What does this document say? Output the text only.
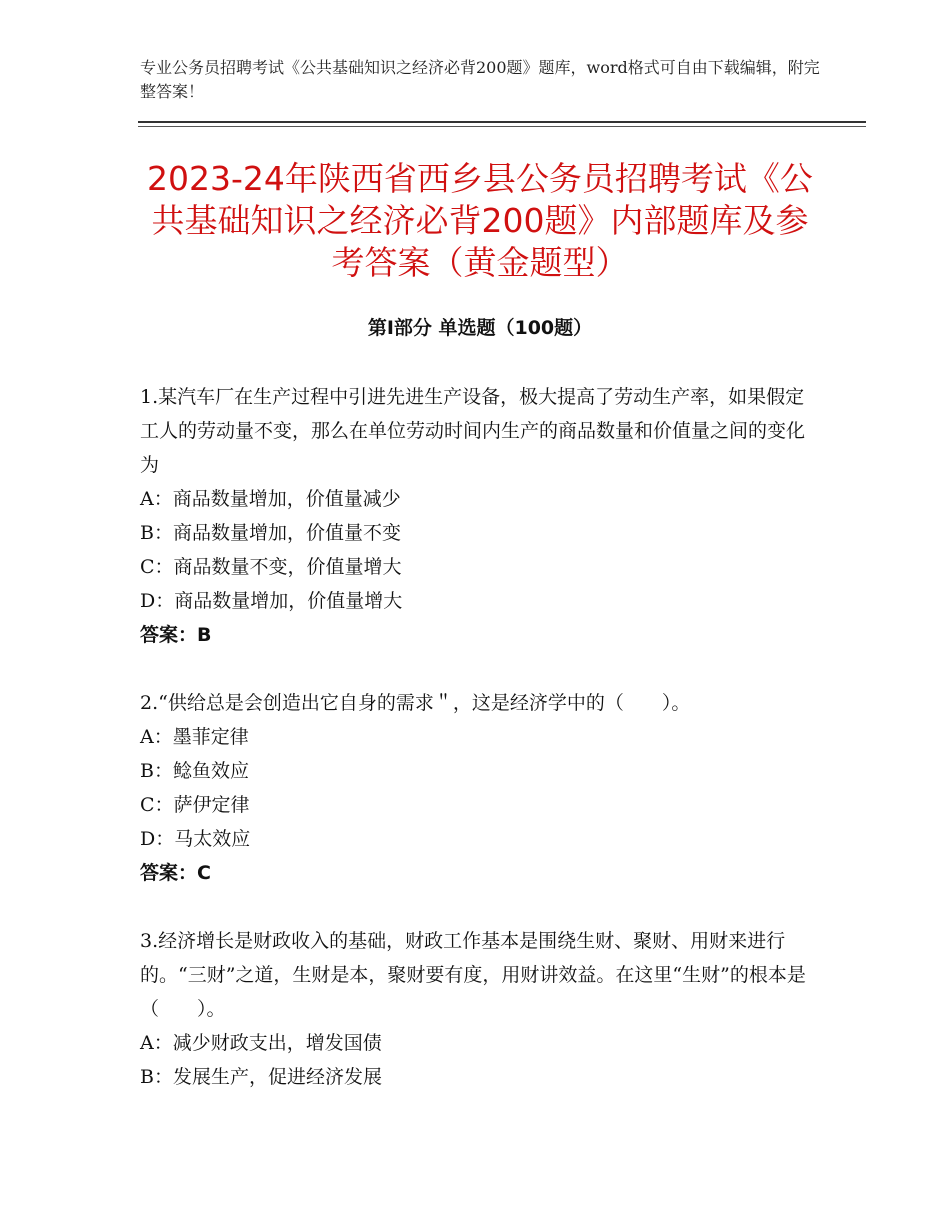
专业公务员招聘考试《公共基础知识之经济必背200题》题库，word格式可自由下载编辑，附完整答案！
2023-24年陕西省西乡县公务员招聘考试《公共基础知识之经济必背200题》内部题库及参考答案（黄金题型）
第Ⅰ部分 单选题（100题）
1.某汽车厂在生产过程中引进先进生产设备，极大提高了劳动生产率，如果假定工人的劳动量不变，那么在单位劳动时间内生产的商品数量和价值量之间的变化为
A：商品数量增加，价值量减少
B：商品数量增加，价值量不变
C：商品数量不变，价值量增大
D：商品数量增加，价值量增大
答案：B
2.“供给总是会创造出它自身的需求＂，这是经济学中的（　　）。
A：墨菲定律
B：鲶鱼效应
C：萨伊定律
D：马太效应
答案：C
3.经济增长是财政收入的基础，财政工作基本是围绕生财、聚财、用财来进行的。“三财”之道，生财是本，聚财要有度，用财讲效益。在这里“生财”的根本是（　　）。
A：减少财政支出，增发国债
B：发展生产，促进经济发展
